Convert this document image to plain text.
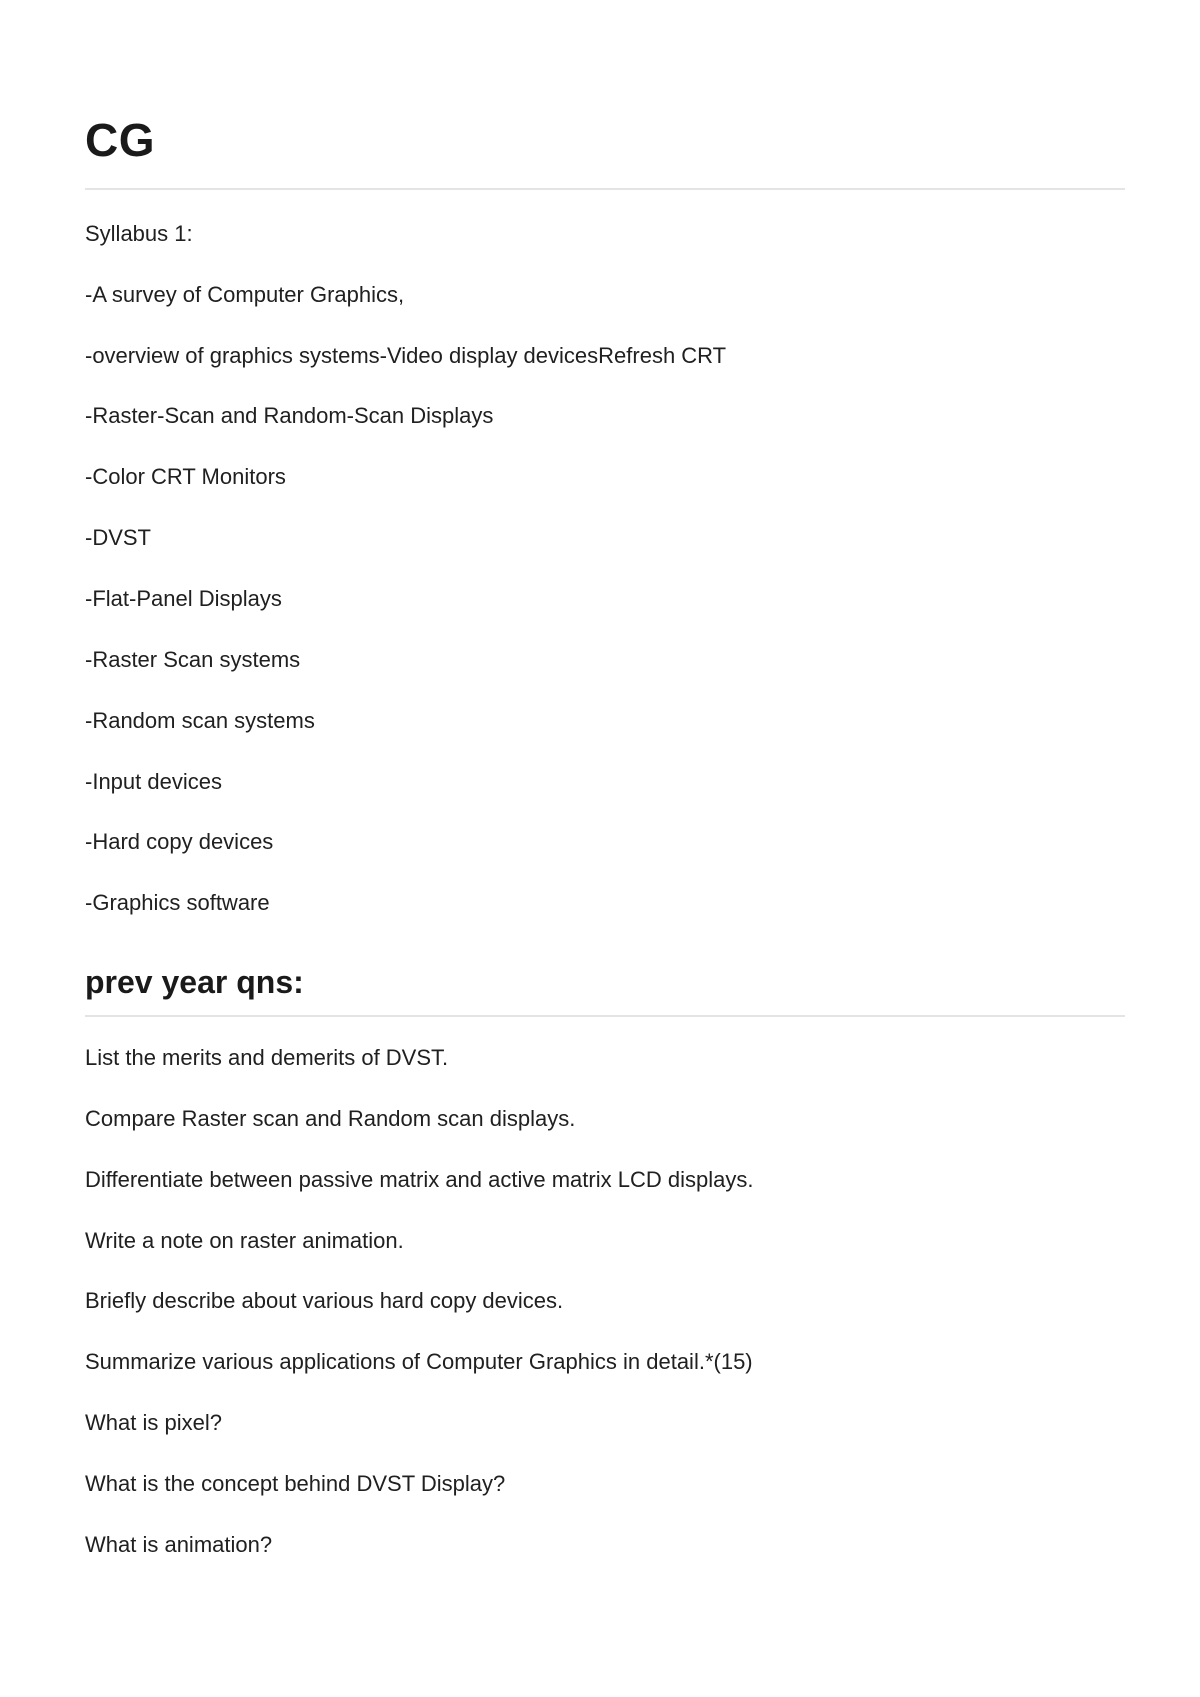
CG

Syllabus 1:

-A survey of Computer Graphics,

-overview of graphics systems-Video display devicesRefresh CRT

-Raster-Scan and Random-Scan Displays

-Color CRT Monitors

-DVST

-Flat-Panel Displays

-Raster Scan systems

-Random scan systems

-Input devices

-Hard copy devices

-Graphics software

prev year qns:

List the merits and demerits of DVST.

Compare Raster scan and Random scan displays.

Differentiate between passive matrix and active matrix LCD displays.

Write a note on raster animation.

Briefly describe about various hard copy devices.

Summarize various applications of Computer Graphics in detail.*(15)

What is pixel?

What is the concept behind DVST Display?

What is animation?
